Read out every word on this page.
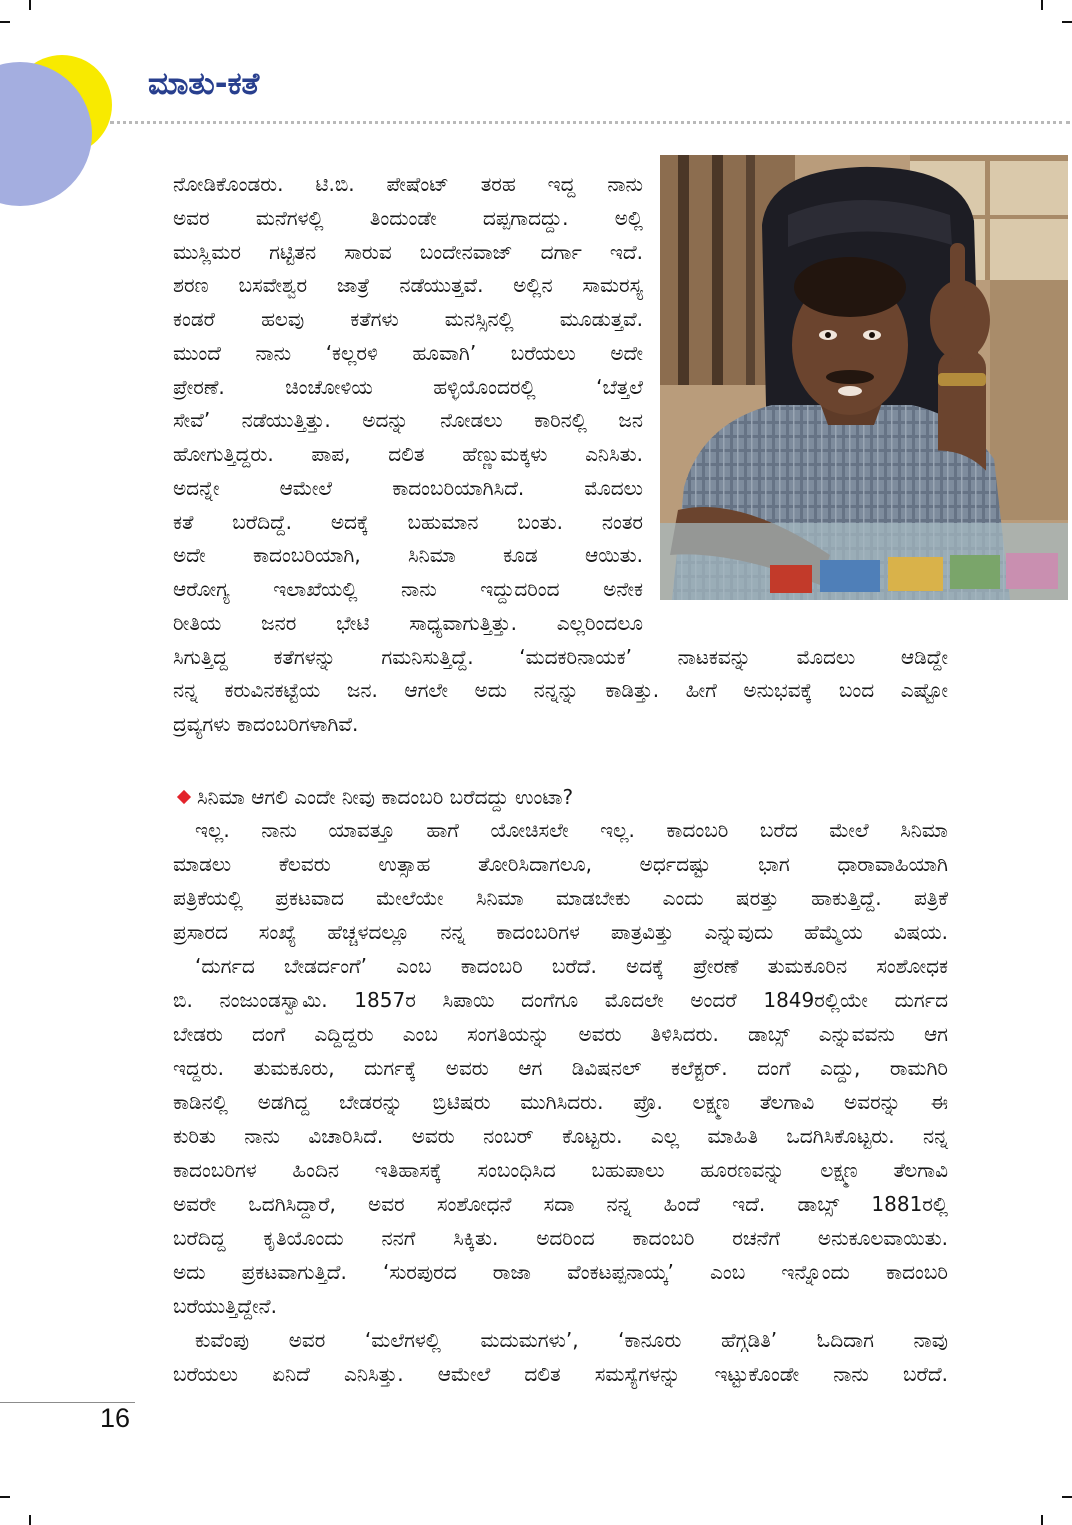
ಮಾತು-ಕತೆ
ನೋಡಿಕೊಂಡರು. ಟಿ.ಬಿ. ಪೇಷೆಂಟ್ ತರಹ ಇದ್ದ ನಾನು
ಅವರ ಮನೆಗಳಲ್ಲಿ ತಿಂದುಂಡೇ ದಪ್ಪಗಾದದ್ದು. ಅಲ್ಲಿ
ಮುಸ್ಲಿಮರ ಗಟ್ಟಿತನ ಸಾರುವ ಬಂದೇನವಾಜ್ ದರ್ಗಾ ಇದೆ.
ಶರಣ ಬಸವೇಶ್ವರ ಜಾತ್ರೆ ನಡೆಯುತ್ತವೆ. ಅಲ್ಲಿನ ಸಾಮರಸ್ಯ
ಕಂಡರೆ ಹಲವು ಕತೆಗಳು ಮನಸ್ಸಿನಲ್ಲಿ ಮೂಡುತ್ತವೆ.
ಮುಂದೆ ನಾನು ‘ಕಲ್ಲರಳಿ ಹೂವಾಗಿ’ ಬರೆಯಲು ಅದೇ
ಪ್ರೇರಣೆ. ಚಿಂಚೋಳಿಯ ಹಳ್ಳಿಯೊಂದರಲ್ಲಿ ‘ಬೆತ್ತಲೆ
ಸೇವೆ’ ನಡೆಯುತ್ತಿತ್ತು. ಅದನ್ನು ನೋಡಲು ಕಾರಿನಲ್ಲಿ ಜನ
ಹೋಗುತ್ತಿದ್ದರು. ಪಾಪ, ದಲಿತ ಹೆಣ್ಣುಮಕ್ಕಳು ಎನಿಸಿತು.
ಅದನ್ನೇ ಆಮೇಲೆ ಕಾದಂಬರಿಯಾಗಿಸಿದೆ. ಮೊದಲು
ಕತೆ ಬರೆದಿದ್ದೆ. ಅದಕ್ಕೆ ಬಹುಮಾನ ಬಂತು. ನಂತರ
ಅದೇ ಕಾದಂಬರಿಯಾಗಿ, ಸಿನಿಮಾ ಕೂಡ ಆಯಿತು.
ಆರೋಗ್ಯ ಇಲಾಖೆಯಲ್ಲಿ ನಾನು ಇದ್ದುದರಿಂದ ಅನೇಕ
ರೀತಿಯ ಜನರ ಭೇಟಿ ಸಾಧ್ಯವಾಗುತ್ತಿತ್ತು. ಎಲ್ಲರಿಂದಲೂ
ಸಿಗುತ್ತಿದ್ದ ಕತೆಗಳನ್ನು ಗಮನಿಸುತ್ತಿದ್ದೆ. ‘ಮದಕರಿನಾಯಕ’ ನಾಟಕವನ್ನು ಮೊದಲು ಆಡಿದ್ದೇ
ನನ್ನ ಕರುವಿನಕಟ್ಟೆಯ ಜನ. ಆಗಲೇ ಅದು ನನ್ನನ್ನು ಕಾಡಿತ್ತು. ಹೀಗೆ ಅನುಭವಕ್ಕೆ ಬಂದ ಎಷ್ಟೋ
ದ್ರವ್ಯಗಳು ಕಾದಂಬರಿಗಳಾಗಿವೆ.
ಸಿನಿಮಾ ಆಗಲಿ ಎಂದೇ ನೀವು ಕಾದಂಬರಿ ಬರೆದದ್ದು ಉಂಟಾ?
ಇಲ್ಲ. ನಾನು ಯಾವತ್ತೂ ಹಾಗೆ ಯೋಚಿಸಲೇ ಇಲ್ಲ. ಕಾದಂಬರಿ ಬರೆದ ಮೇಲೆ ಸಿನಿಮಾ
ಮಾಡಲು ಕೆಲವರು ಉತ್ಸಾಹ ತೋರಿಸಿದಾಗಲೂ, ಅರ್ಧದಷ್ಟು ಭಾಗ ಧಾರಾವಾಹಿಯಾಗಿ
ಪತ್ರಿಕೆಯಲ್ಲಿ ಪ್ರಕಟವಾದ ಮೇಲೆಯೇ ಸಿನಿಮಾ ಮಾಡಬೇಕು ಎಂದು ಷರತ್ತು ಹಾಕುತ್ತಿದ್ದೆ. ಪತ್ರಿಕೆ
ಪ್ರಸಾರದ ಸಂಖ್ಯೆ ಹೆಚ್ಚಳದಲ್ಲೂ ನನ್ನ ಕಾದಂಬರಿಗಳ ಪಾತ್ರವಿತ್ತು ಎನ್ನುವುದು ಹೆಮ್ಮೆಯ ವಿಷಯ.
‘ದುರ್ಗದ ಬೇಡರ್ದಂಗೆ’ ಎಂಬ ಕಾದಂಬರಿ ಬರೆದೆ. ಅದಕ್ಕೆ ಪ್ರೇರಣೆ ತುಮಕೂರಿನ ಸಂಶೋಧಕ
ಬಿ. ನಂಜುಂಡಸ್ವಾಮಿ. 1857ರ ಸಿಪಾಯಿ ದಂಗೆಗೂ ಮೊದಲೇ ಅಂದರೆ 1849ರಲ್ಲಿಯೇ ದುರ್ಗದ
ಬೇಡರು ದಂಗೆ ಎದ್ದಿದ್ದರು ಎಂಬ ಸಂಗತಿಯನ್ನು ಅವರು ತಿಳಿಸಿದರು. ಡಾಬ್ಸ್ ಎನ್ನುವವನು ಆಗ
ಇದ್ದರು. ತುಮಕೂರು, ದುರ್ಗಕ್ಕೆ ಅವರು ಆಗ ಡಿವಿಷನಲ್ ಕಲೆಕ್ಟರ್. ದಂಗೆ ಎದ್ದು, ರಾಮಗಿರಿ
ಕಾಡಿನಲ್ಲಿ ಅಡಗಿದ್ದ ಬೇಡರನ್ನು ಬ್ರಿಟಿಷರು ಮುಗಿಸಿದರು. ಪ್ರೊ. ಲಕ್ಷ್ಮಣ ತೆಲಗಾವಿ ಅವರನ್ನು ಈ
ಕುರಿತು ನಾನು ವಿಚಾರಿಸಿದೆ. ಅವರು ನಂಬರ್ ಕೊಟ್ಟರು. ಎಲ್ಲ ಮಾಹಿತಿ ಒದಗಿಸಿಕೊಟ್ಟರು. ನನ್ನ
ಕಾದಂಬರಿಗಳ ಹಿಂದಿನ ಇತಿಹಾಸಕ್ಕೆ ಸಂಬಂಧಿಸಿದ ಬಹುಪಾಲು ಹೂರಣವನ್ನು ಲಕ್ಷ್ಮಣ ತೆಲಗಾವಿ
ಅವರೇ ಒದಗಿಸಿದ್ದಾರೆ, ಅವರ ಸಂಶೋಧನೆ ಸದಾ ನನ್ನ ಹಿಂದೆ ಇದೆ. ಡಾಬ್ಸ್ 1881ರಲ್ಲಿ
ಬರೆದಿದ್ದ ಕೃತಿಯೊಂದು ನನಗೆ ಸಿಕ್ಕಿತು. ಅದರಿಂದ ಕಾದಂಬರಿ ರಚನೆಗೆ ಅನುಕೂಲವಾಯಿತು.
ಅದು ಪ್ರಕಟವಾಗುತ್ತಿದೆ. ‘ಸುರಪುರದ ರಾಜಾ ವೆಂಕಟಪ್ಪನಾಯ್ಕ’ ಎಂಬ ಇನ್ನೊಂದು ಕಾದಂಬರಿ
ಬರೆಯುತ್ತಿದ್ದೇನೆ.
ಕುವೆಂಪು ಅವರ ‘ಮಲೆಗಳಲ್ಲಿ ಮದುಮಗಳು’, ‘ಕಾನೂರು ಹೆಗ್ಗಡಿತಿ’ ಓದಿದಾಗ ನಾವು
ಬರೆಯಲು ಏನಿದೆ ಎನಿಸಿತ್ತು. ಆಮೇಲೆ ದಲಿತ ಸಮಸ್ಯೆಗಳನ್ನು ಇಟ್ಟುಕೊಂಡೇ ನಾನು ಬರೆದೆ.
16
